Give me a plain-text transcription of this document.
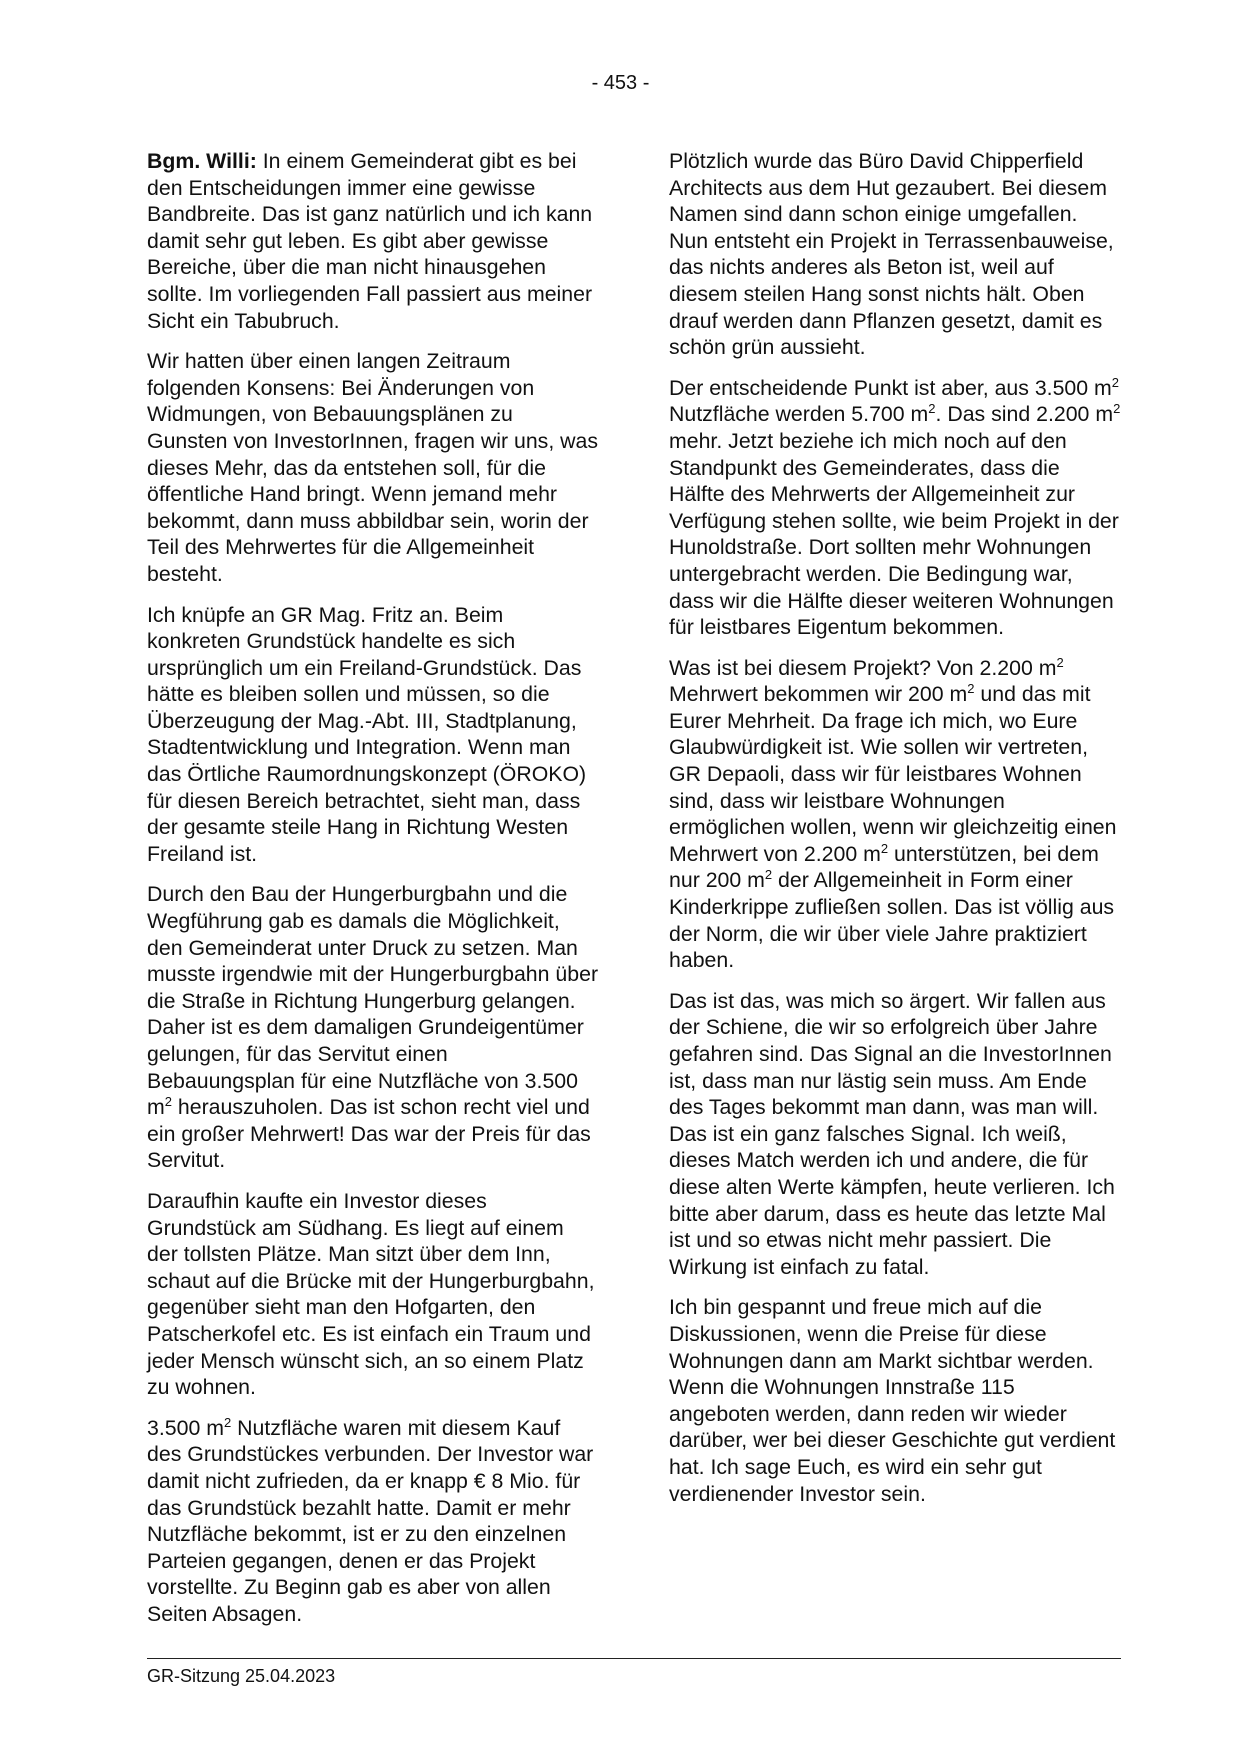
- 453 -

Bgm. Willi: In einem Gemeinderat gibt es bei den Entscheidungen immer eine gewisse Bandbreite. Das ist ganz natürlich und ich kann damit sehr gut leben. Es gibt aber gewisse Bereiche, über die man nicht hinausgehen sollte. Im vorliegenden Fall passiert aus meiner Sicht ein Tabubruch.

Wir hatten über einen langen Zeitraum folgenden Konsens: Bei Änderungen von Widmungen, von Bebauungsplänen zu Gunsten von InvestorInnen, fragen wir uns, was dieses Mehr, das da entstehen soll, für die öffentliche Hand bringt. Wenn jemand mehr bekommt, dann muss abbildbar sein, worin der Teil des Mehrwertes für die Allgemeinheit besteht.

Ich knüpfe an GR Mag. Fritz an. Beim konkreten Grundstück handelte es sich ursprünglich um ein Freiland-Grundstück. Das hätte es bleiben sollen und müssen, so die Überzeugung der Mag.-Abt. III, Stadtplanung, Stadtentwicklung und Integration. Wenn man das Örtliche Raumordnungskonzept (ÖROKO) für diesen Bereich betrachtet, sieht man, dass der gesamte steile Hang in Richtung Westen Freiland ist.

Durch den Bau der Hungerburgbahn und die Wegführung gab es damals die Möglichkeit, den Gemeinderat unter Druck zu setzen. Man musste irgendwie mit der Hungerburgbahn über die Straße in Richtung Hungerburg gelangen. Daher ist es dem damaligen Grundeigentümer gelungen, für das Servitut einen Bebauungsplan für eine Nutzfläche von 3.500 $m^2$ herauszuholen. Das ist schon recht viel und ein großer Mehrwert! Das war der Preis für das Servitut.

Daraufhin kaufte ein Investor dieses Grundstück am Südhang. Es liegt auf einem der tollsten Plätze. Man sitzt über dem Inn, schaut auf die Brücke mit der Hungerburgbahn, gegenüber sieht man den Hofgarten, den Patscherkofel etc. Es ist einfach ein Traum und jeder Mensch wünscht sich, an so einem Platz zu wohnen.

3.500 $m^2$ Nutzfläche waren mit diesem Kauf des Grundstückes verbunden. Der Investor war damit nicht zufrieden, da er knapp € 8 Mio. für das Grundstück bezahlt hatte. Damit er mehr Nutzfläche bekommt, ist er zu den einzelnen Parteien gegangen, denen er das Projekt vorstellte. Zu Beginn gab es aber von allen Seiten Absagen.

Plötzlich wurde das Büro David Chipperfield Architects aus dem Hut gezaubert. Bei diesem Namen sind dann schon einige umgefallen. Nun entsteht ein Projekt in Terrassenbauweise, das nichts anderes als Beton ist, weil auf diesem steilen Hang sonst nichts hält. Oben drauf werden dann Pflanzen gesetzt, damit es schön grün aussieht.

Der entscheidende Punkt ist aber, aus 3.500 $m^2$ Nutzfläche werden 5.700 $m^2$. Das sind 2.200 $m^2$ mehr. Jetzt beziehe ich mich noch auf den Standpunkt des Gemeinderates, dass die Hälfte des Mehrwerts der Allgemeinheit zur Verfügung stehen sollte, wie beim Projekt in der Hunoldstraße. Dort sollten mehr Wohnungen untergebracht werden. Die Bedingung war, dass wir die Hälfte dieser weiteren Wohnungen für leistbares Eigentum bekommen.

Was ist bei diesem Projekt? Von 2.200 $m^2$ Mehrwert bekommen wir 200 $m^2$ und das mit Eurer Mehrheit. Da frage ich mich, wo Eure Glaubwürdigkeit ist. Wie sollen wir vertreten, GR Depaoli, dass wir für leistbares Wohnen sind, dass wir leistbare Wohnungen ermöglichen wollen, wenn wir gleichzeitig einen Mehrwert von 2.200 $m^2$ unterstützen, bei dem nur 200 $m^2$ der Allgemeinheit in Form einer Kinderkrippe zufließen sollen. Das ist völlig aus der Norm, die wir über viele Jahre praktiziert haben.

Das ist das, was mich so ärgert. Wir fallen aus der Schiene, die wir so erfolgreich über Jahre gefahren sind. Das Signal an die InvestorInnen ist, dass man nur lästig sein muss. Am Ende des Tages bekommt man dann, was man will. Das ist ein ganz falsches Signal. Ich weiß, dieses Match werden ich und andere, die für diese alten Werte kämpfen, heute verlieren. Ich bitte aber darum, dass es heute das letzte Mal ist und so etwas nicht mehr passiert. Die Wirkung ist einfach zu fatal.

Ich bin gespannt und freue mich auf die Diskussionen, wenn die Preise für diese Wohnungen dann am Markt sichtbar werden. Wenn die Wohnungen Innstraße 115 angeboten werden, dann reden wir wieder darüber, wer bei dieser Geschichte gut verdient hat. Ich sage Euch, es wird ein sehr gut verdienender Investor sein.

GR-Sitzung 25.04.2023
